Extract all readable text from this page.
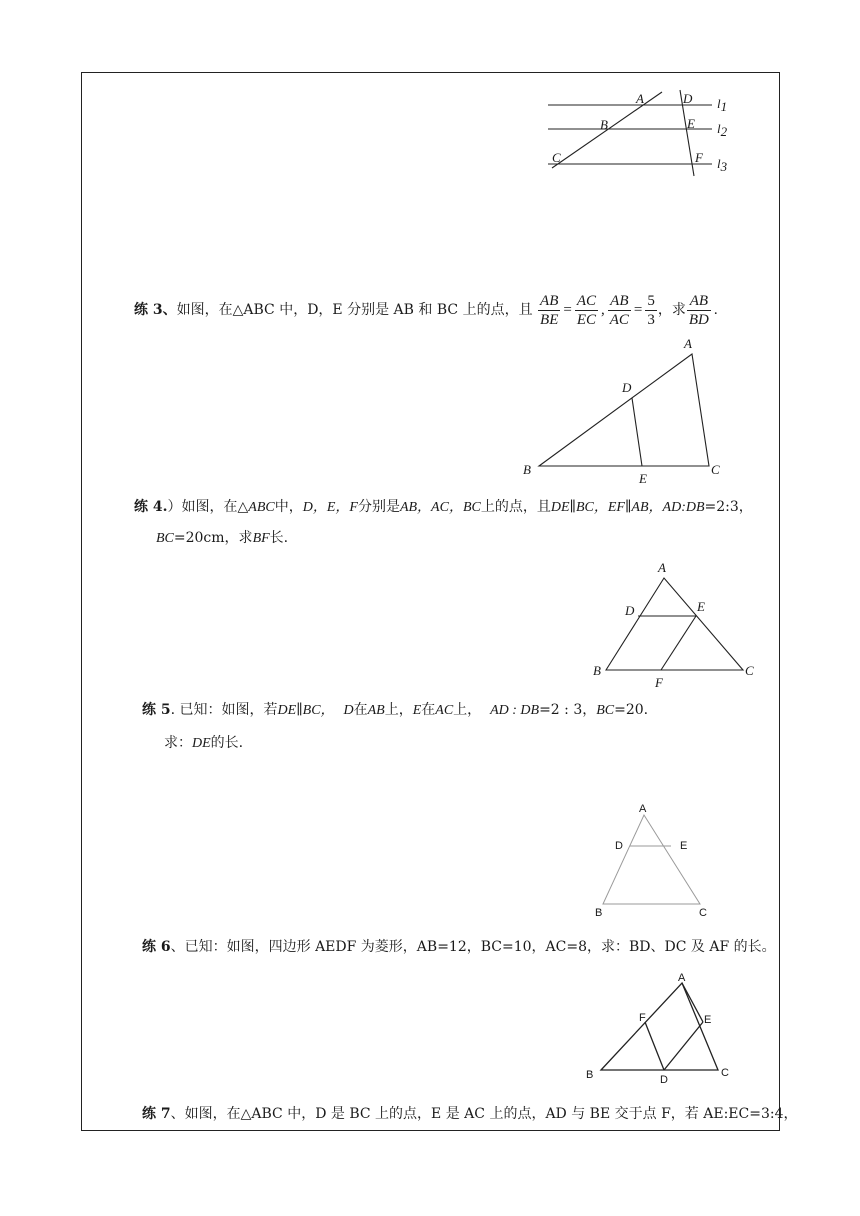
A
B
C
D
E
F
l1
l2
l3
练 3、如图，在△ABC 中，D，E 分别是 AB 和 BC 上的点，且 $\frac{AB}{BE} = \frac{AC}{EC}$ , $\frac{AB}{AC} = \frac{5}{3}$ ，求 $\frac{AB}{BD}$ .
A
B	C
D
E
练 4.）如图，在△ABC中，D，E，F分别是AB，AC，BC上的点，且DE∥BC，EF∥AB，AD:DB=2:3，
BC=20cm，求BF长.
A
B	C
D	E
F
练 5. 已知：如图，若DE∥BC， D在AB上，E在AC上， AD : DB=2 : 3，BC=20.
求：DE的长.
A
B	C
D	E
练 6、已知：如图，四边形 AEDF 为菱形，AB=12，BC=10，AC=8，求：BD、DC 及 AF 的长。
A
B	C
D
E
F
练 7、如图，在△ABC 中，D 是 BC 上的点，E 是 AC 上的点，AD 与 BE 交于点 F，若 AE:EC=3:4，
